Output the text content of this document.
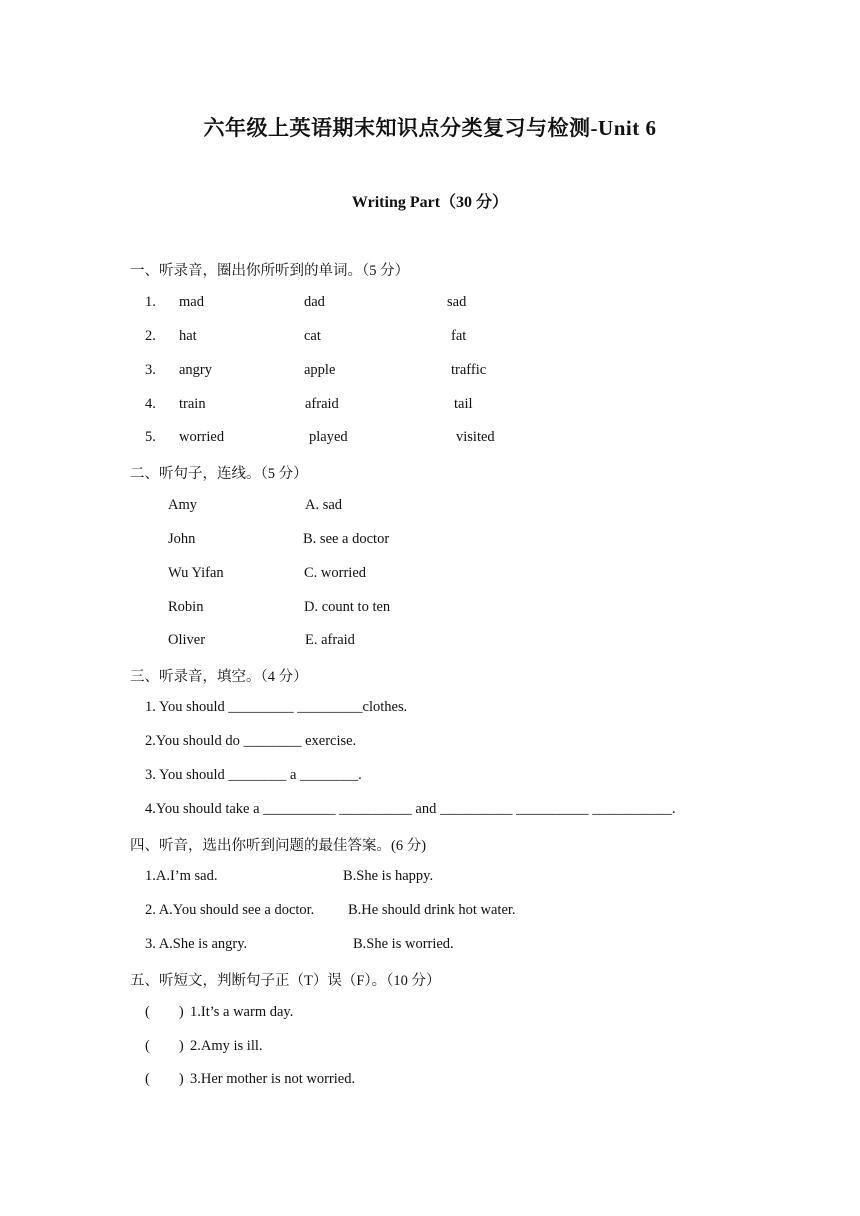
六年级上英语期末知识点分类复习与检测-Unit 6
Writing Part（30 分）
一、听录音，圈出你所听到的单词。（5 分）
1. mad	dad	sad
2. hat	cat	fat
3. angry	apple	traffic
4. train	afraid	tail
5. worried	played	visited
二、听句子，连线。（5 分）
Amy	A. sad
John	B. see a doctor
Wu Yifan	C. worried
Robin	D. count to ten
Oliver	E. afraid
三、听录音，填空。（4 分）
1. You should _________ _________clothes.
2.You should do ________ exercise.
3. You should ________ a ________.
4.You should take a __________ __________ and __________ __________ ___________.
四、听音，选出你听到问题的最佳答案。(6 分)
1.A.I’m sad.	B.She is happy.
2. A.You should see a doctor. B.He should drink hot water.
3. A.She is angry.	B.She is worried.
五、听短文，判断句子正（T）误（F）。（10 分）
(        ) 1.It’s a warm day.
(        ) 2.Amy is ill.
(        ) 3.Her mother is not worried.
